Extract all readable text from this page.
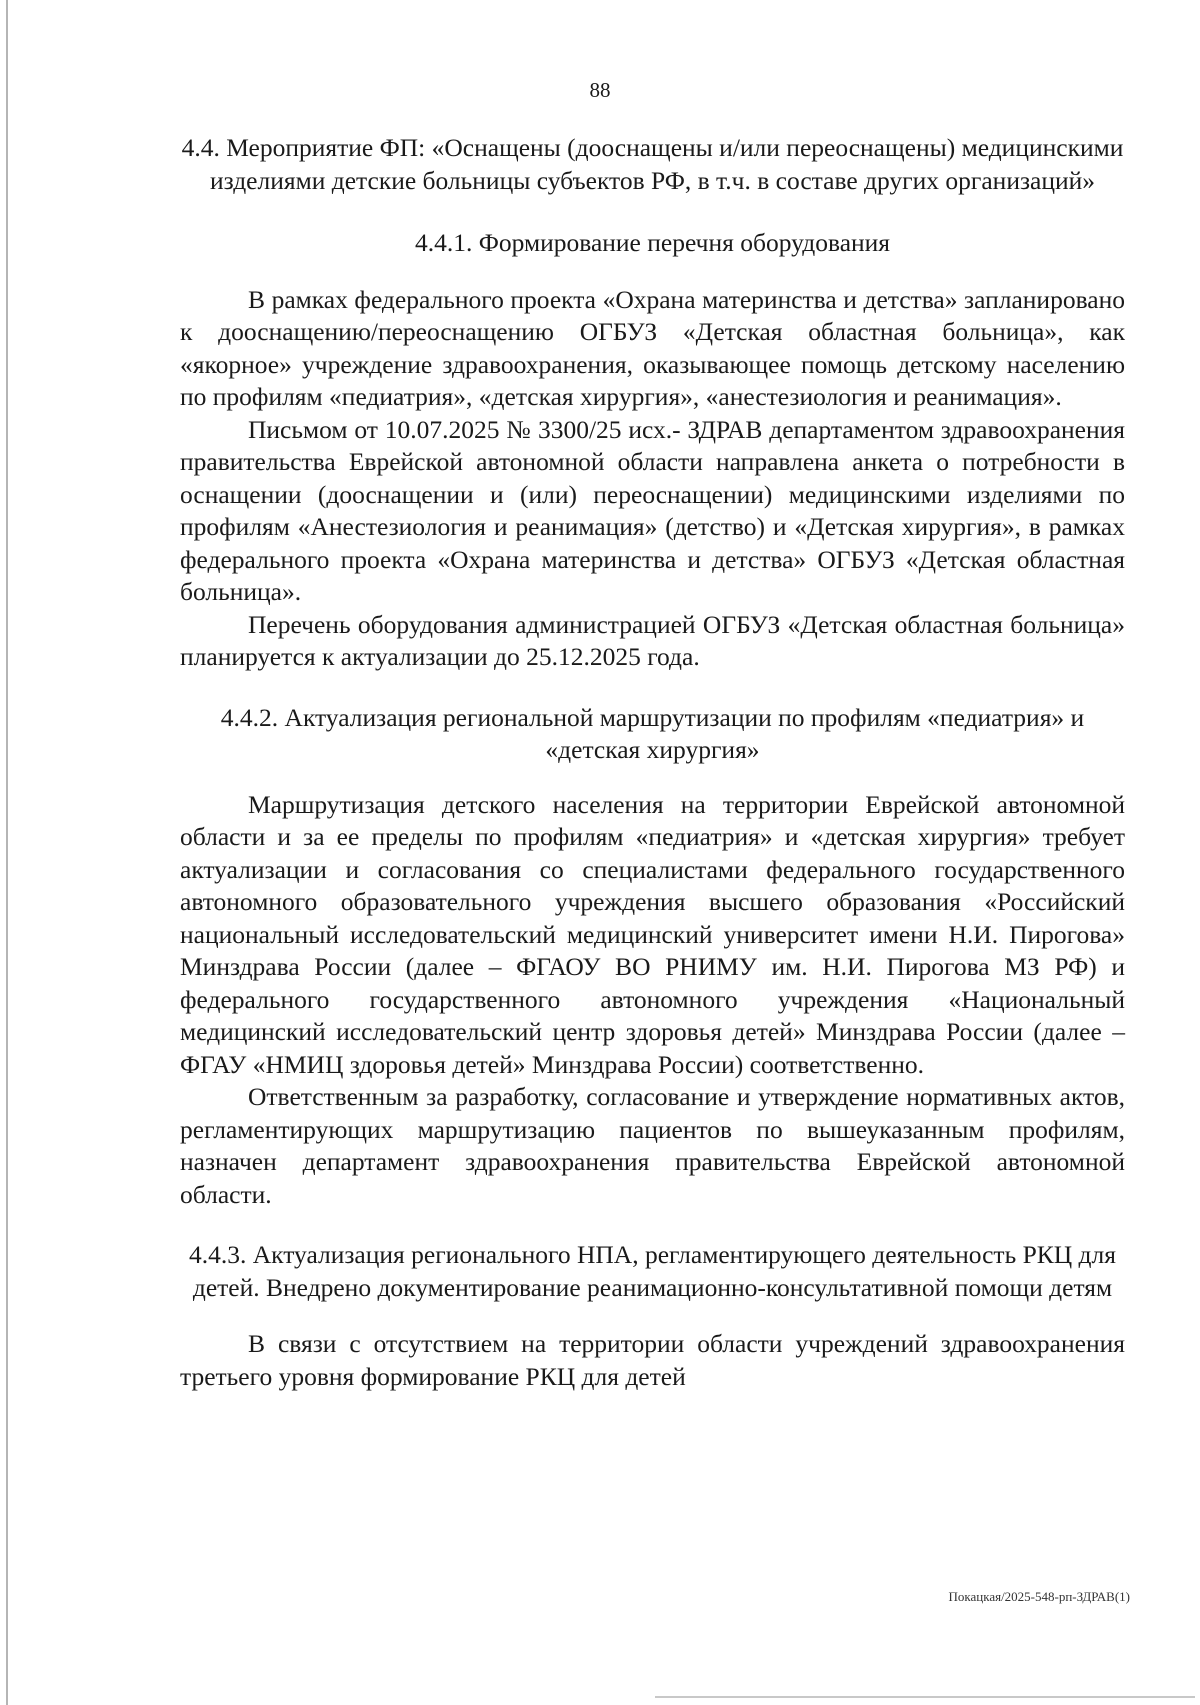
88

4.4. Мероприятие ФП: «Оснащены (дооснащены и/или переоснащены) медицинскими изделиями детские больницы субъектов РФ, в т.ч. в составе других организаций»

4.4.1. Формирование перечня оборудования

В рамках федерального проекта «Охрана материнства и детства» запланировано к дооснащению/переоснащению ОГБУЗ «Детская областная больница», как «якорное» учреждение здравоохранения, оказывающее помощь детскому населению по профилям «педиатрия», «детская хирургия», «анестезиология и реанимация».

Письмом от 10.07.2025 № 3300/25 исх.- ЗДРАВ департаментом здравоохранения правительства Еврейской автономной области направлена анкета о потребности в оснащении (дооснащении и (или) переоснащении) медицинскими изделиями по профилям «Анестезиология и реанимация» (детство) и «Детская хирургия», в рамках федерального проекта «Охрана материнства и детства» ОГБУЗ «Детская областная больница».

Перечень оборудования администрацией ОГБУЗ «Детская областная больница» планируется к актуализации до 25.12.2025 года.

4.4.2. Актуализация региональной маршрутизации по профилям «педиатрия» и «детская хирургия»

Маршрутизация детского населения на территории Еврейской автономной области и за ее пределы по профилям «педиатрия» и «детская хирургия» требует актуализации и согласования со специалистами федерального государственного автономного образовательного учреждения высшего образования «Российский национальный исследовательский медицинский университет имени Н.И. Пирогова» Минздрава России (далее – ФГАОУ ВО РНИМУ им. Н.И. Пирогова МЗ РФ) и федерального государственного автономного учреждения «Национальный медицинский исследовательский центр здоровья детей» Минздрава России (далее – ФГАУ «НМИЦ здоровья детей» Минздрава России) соответственно.

Ответственным за разработку, согласование и утверждение нормативных актов, регламентирующих маршрутизацию пациентов по вышеуказанным профилям, назначен департамент здравоохранения правительства Еврейской автономной области.

4.4.3. Актуализация регионального НПА, регламентирующего деятельность РКЦ для детей. Внедрено документирование реанимационно-консультативной помощи детям

В связи с отсутствием на территории области учреждений здравоохранения третьего уровня формирование РКЦ для детей

Покацкая/2025-548-рп-ЗДРАВ(1)
